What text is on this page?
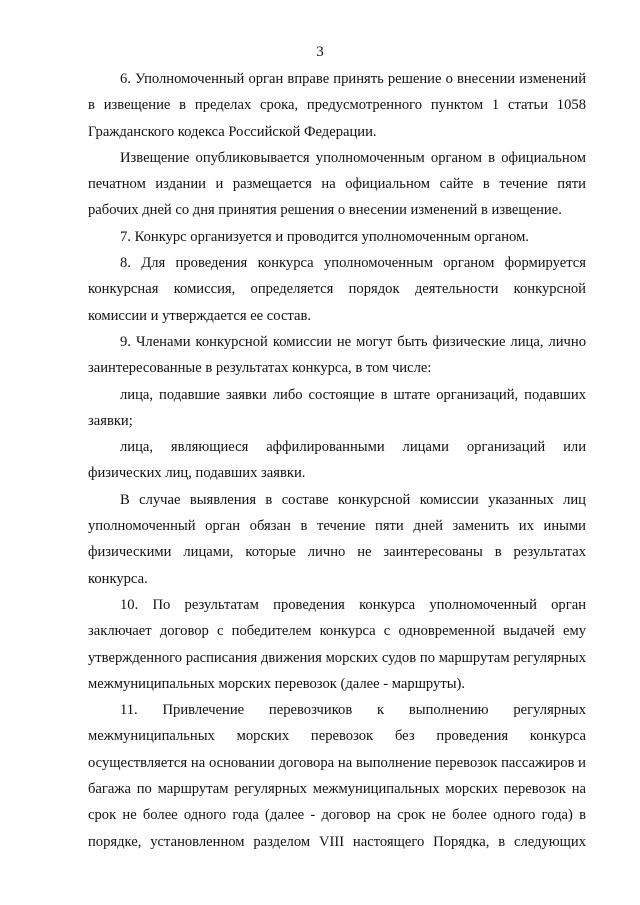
3

6. Уполномоченный орган вправе принять решение о внесении изменений в извещение в пределах срока, предусмотренного пунктом 1 статьи 1058 Гражданского кодекса Российской Федерации.

Извещение опубликовывается уполномоченным органом в официальном печатном издании и размещается на официальном сайте в течение пяти рабочих дней со дня принятия решения о внесении изменений в извещение.

7. Конкурс организуется и проводится уполномоченным органом.

8. Для проведения конкурса уполномоченным органом формируется конкурсная комиссия, определяется порядок деятельности конкурсной комиссии и утверждается ее состав.

9. Членами конкурсной комиссии не могут быть физические лица, лично заинтересованные в результатах конкурса, в том числе:

лица, подавшие заявки либо состоящие в штате организаций, подавших заявки;

лица, являющиеся аффилированными лицами организаций или физических лиц, подавших заявки.

В случае выявления в составе конкурсной комиссии указанных лиц уполномоченный орган обязан в течение пяти дней заменить их иными физическими лицами, которые лично не заинтересованы в результатах конкурса.

10. По результатам проведения конкурса уполномоченный орган заключает договор с победителем конкурса с одновременной выдачей ему утвержденного расписания движения морских судов по маршрутам регулярных межмуниципальных морских перевозок (далее - маршруты).

11. Привлечение перевозчиков к выполнению регулярных межмуниципальных морских перевозок без проведения конкурса осуществляется на основании договора на выполнение перевозок пассажиров и багажа по маршрутам регулярных межмуниципальных морских перевозок на срок не более одного года (далее - договор на срок не более одного года) в порядке, установленном разделом VIII настоящего Порядка, в следующих
